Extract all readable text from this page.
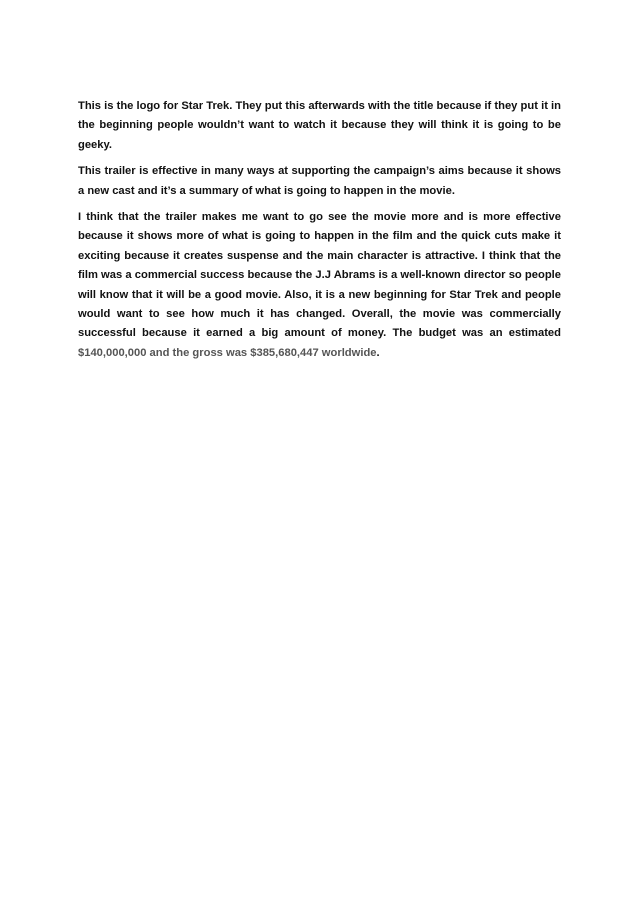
This is the logo for Star Trek. They put this afterwards with the title because if they put it in the beginning people wouldn’t want to watch it because they will think it is going to be geeky.

This trailer is effective in many ways at supporting the campaign’s aims because it shows a new cast and it’s a summary of what is going to happen in the movie.

I think that the trailer makes me want to go see the movie more and is more effective because it shows more of what is going to happen in the film and the quick cuts make it exciting because it creates suspense and the main character is attractive. I think that the film was a commercial success because the J.J Abrams is a well-known director so people will know that it will be a good movie. Also, it is a new beginning for Star Trek and people would want to see how much it has changed. Overall, the movie was commercially successful because it earned a big amount of money. The budget was an estimated $140,000,000 and the gross was $385,680,447 worldwide.
